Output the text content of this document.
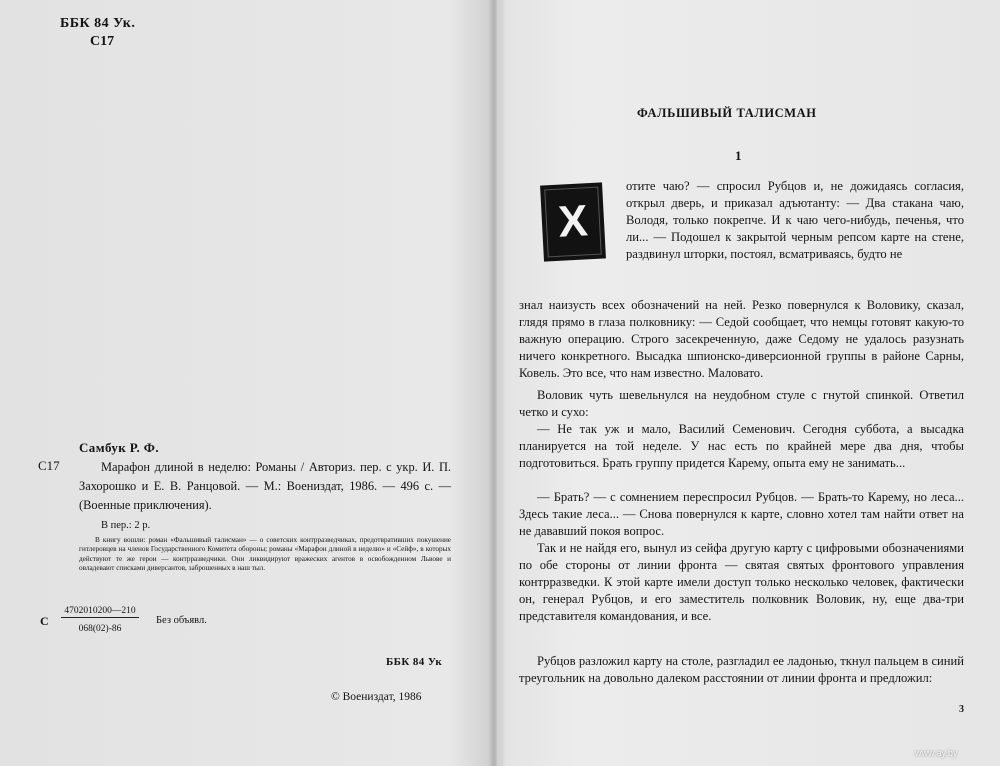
ББК 84 Ук.
С17
Самбук Р. Ф.
С17	Марафон длиной в неделю: Романы / Авториз. пер. с укр. И. П. Захорошко и Е. В. Ранцовой. — М.: Воениздат, 1986. — 496 с. — (Военные приключения).
В пер.: 2 р.
В книгу вошли: роман «Фальшивый талисман» — о советских контрразведчиках, предотвративших покушение гитлеровцев на членов Государственного Комитета обороны; романы «Марафон длиной в неделю» и «Сейф», в которых действуют те же герои — контрразведчики. Они ликвидируют вражеских агентов в освобожденном Львове и овладевают списками диверсантов, заброшенных в наш тыл.
С
4702010200—210
068(02)-86
Без объявл.
ББК 84 Ук
© Воениздат, 1986
ФАЛЬШИВЫЙ ТАЛИСМАН
1
Х
отите чаю? — спросил Рубцов и, не дожидаясь согласия, открыл дверь, и приказал адъютанту: — Два стакана чаю, Володя, только покрепче. И к чаю чего-нибудь, печенья, что ли... — Подошел к закрытой черным репсом карте на стене, раздвинул шторки, постоял, всматриваясь, будто не
знал наизусть всех обозначений на ней. Резко повернулся к Воловику, сказал, глядя прямо в глаза полковнику: — Седой сообщает, что немцы готовят какую-то важную операцию. Строго засекреченную, даже Седому не удалось разузнать ничего конкретного. Высадка шпионско-диверсионной группы в районе Сарны, Ковель. Это все, что нам известно. Маловато.
Воловик чуть шевельнулся на неудобном стуле с гнутой спинкой. Ответил четко и сухо:
— Не так уж и мало, Василий Семенович. Сегодня суббота, а высадка планируется на той неделе. У нас есть по крайней мере два дня, чтобы подготовиться. Брать группу придется Карему, опыта ему не занимать...
— Брать? — с сомнением переспросил Рубцов. — Брать-то Карему, но леса... Здесь такие леса... — Снова повернулся к карте, словно хотел там найти ответ на не дававший покоя вопрос.
Так и не найдя его, вынул из сейфа другую карту с цифровыми обозначениями по обе стороны от линии фронта — святая святых фронтового управления контрразведки. К этой карте имели доступ только несколько человек, фактически он, генерал Рубцов, и его заместитель полковник Воловик, ну, еще два-три представителя командования, и все.
Рубцов разложил карту на столе, разгладил ее ладонью, ткнул пальцем в синий треугольник на довольно далеком расстоянии от линии фронта и предложил:
3
www.ay.by
